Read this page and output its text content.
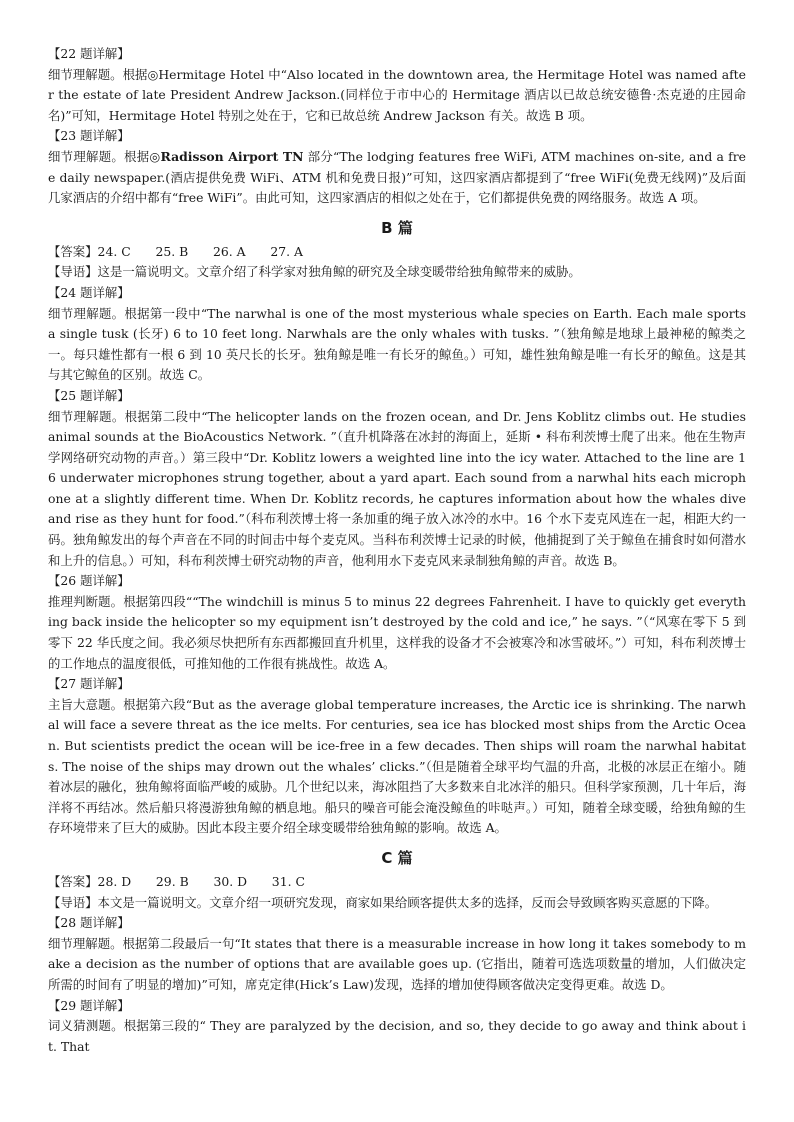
【22 题详解】

细节理解题。根据◎Hermitage Hotel 中“Also located in the downtown area, the Hermitage Hotel was named after the estate of late President Andrew Jackson.(同样位于市中心的 Hermitage 酒店以已故总统安德鲁·杰克逊的庄园命名)”可知，Hermitage Hotel 特别之处在于，它和已故总统 Andrew Jackson 有关。故选 B 项。

【23 题详解】

细节理解题。根据◎Radisson Airport TN 部分“The lodging features free WiFi, ATM machines on-site, and a free daily newspaper.(酒店提供免费 WiFi、ATM 机和免费日报)”可知，这四家酒店都提到了“free WiFi(免费无线网)”及后面几家酒店的介绍中都有“free WiFi”。由此可知，这四家酒店的相似之处在于，它们都提供免费的网络服务。故选 A 项。

B 篇

【答案】24. C　　25. B　　26. A　　27. A

【导语】这是一篇说明文。文章介绍了科学家对独角鲸的研究及全球变暖带给独角鲸带来的威胁。

【24 题详解】

细节理解题。根据第一段中“The narwhal is one of the most mysterious whale species on Earth. Each male sports a single tusk (长牙) 6 to 10 feet long. Narwhals are the only whales with tusks. ”（独角鲸是地球上最神秘的鲸类之一。每只雄性都有一根 6 到 10 英尺长的长牙。独角鲸是唯一有长牙的鲸鱼。）可知，雄性独角鲸是唯一有长牙的鲸鱼。这是其与其它鲸鱼的区别。故选 C。

【25 题详解】

细节理解题。根据第二段中“The helicopter lands on the frozen ocean, and Dr. Jens Koblitz climbs out. He studies animal sounds at the BioAcoustics Network. ”（直升机降落在冰封的海面上，延斯 • 科布利茨博士爬了出来。他在生物声学网络研究动物的声音。）第三段中“Dr. Koblitz lowers a weighted line into the icy water. Attached to the line are 16 underwater microphones strung together, about a yard apart. Each sound from a narwhal hits each microphone at a slightly different time. When Dr. Koblitz records, he captures information about how the whales dive and rise as they hunt for food.”（科布利茨博士将一条加重的绳子放入冰冷的水中。16 个水下麦克风连在一起，相距大约一码。独角鲸发出的每个声音在不同的时间击中每个麦克风。当科布利茨博士记录的时候，他捕捉到了关于鲸鱼在捕食时如何潜水和上升的信息。）可知，科布利茨博士研究动物的声音，他利用水下麦克风来录制独角鲸的声音。故选 B。

【26 题详解】

推理判断题。根据第四段““The windchill is minus 5 to minus 22 degrees Fahrenheit. I have to quickly get everything back inside the helicopter so my equipment isn’t destroyed by the cold and ice,” he says. ”（“风寒在零下 5 到零下 22 华氏度之间。我必须尽快把所有东西都搬回直升机里，这样我的设备才不会被寒冷和冰雪破坏。”）可知，科布利茨博士的工作地点的温度很低，可推知他的工作很有挑战性。故选 A。

【27 题详解】

主旨大意题。根据第六段“But as the average global temperature increases, the Arctic ice is shrinking. The narwhal will face a severe threat as the ice melts. For centuries, sea ice has blocked most ships from the Arctic Ocean. But scientists predict the ocean will be ice-free in a few decades. Then ships will roam the narwhal habitats. The noise of the ships may drown out the whales’ clicks.”（但是随着全球平均气温的升高，北极的冰层正在缩小。随着冰层的融化，独角鲸将面临严峻的威胁。几个世纪以来，海冰阻挡了大多数来自北冰洋的船只。但科学家预测，几十年后，海洋将不再结冰。然后船只将漫游独角鲸的栖息地。船只的噪音可能会淹没鲸鱼的咔哒声。）可知，随着全球变暖，给独角鲸的生存环境带来了巨大的威胁。因此本段主要介绍全球变暖带给独角鲸的影响。故选 A。

C 篇

【答案】28. D　　29. B　　30. D　　31. C

【导语】本文是一篇说明文。文章介绍一项研究发现，商家如果给顾客提供太多的选择，反而会导致顾客购买意愿的下降。

【28 题详解】

细节理解题。根据第二段最后一句“It states that there is a measurable increase in how long it takes somebody to make a decision as the number of options that are available goes up. (它指出，随着可选选项数量的增加，人们做决定所需的时间有了明显的增加)”可知，席克定律(Hick’s Law)发现，选择的增加使得顾客做决定变得更难。故选 D。

【29 题详解】

词义猜测题。根据第三段的“ They are paralyzed by the decision, and so, they decide to go away and think about it. That
